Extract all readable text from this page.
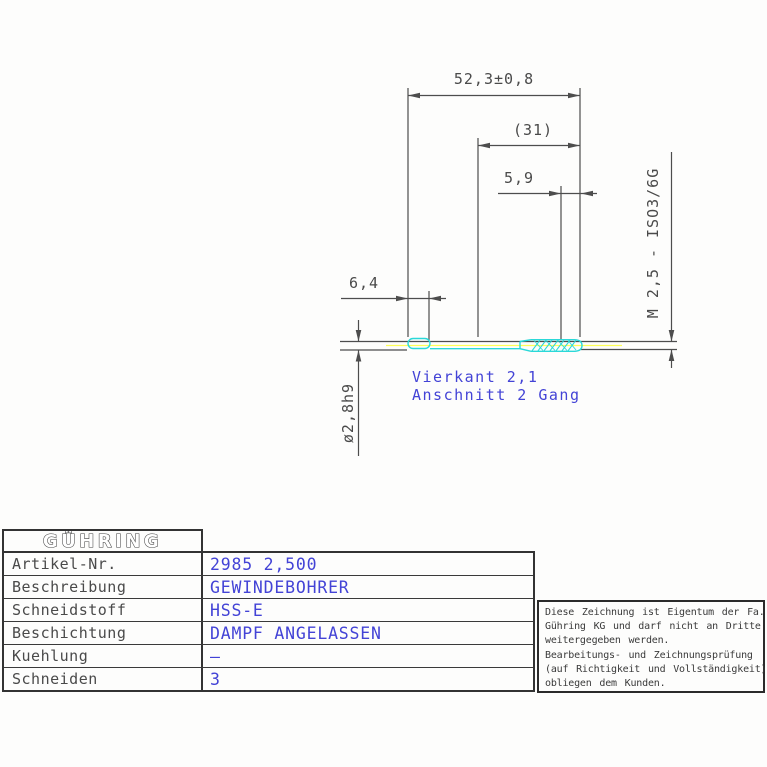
52,3±0,8
(31)
5,9
6,4
ø2,8h9
M 2,5 - ISO3/6G
Vierkant 2,1
Anschnitt 2 Gang
GÜHRING
Artikel-Nr.	2985 2,500
Beschreibung	GEWINDEBOHRER
Schneidstoff	HSS-E
Beschichtung	DAMPF ANGELASSEN
Kuehlung	–
Schneiden	3
Diese Zeichnung ist Eigentum der Fa.
Gühring KG und darf nicht an Dritte
weitergegeben werden.
Bearbeitungs- und Zeichnungsprüfung
(auf Richtigkeit und Vollständigkeit)
obliegen dem Kunden.
